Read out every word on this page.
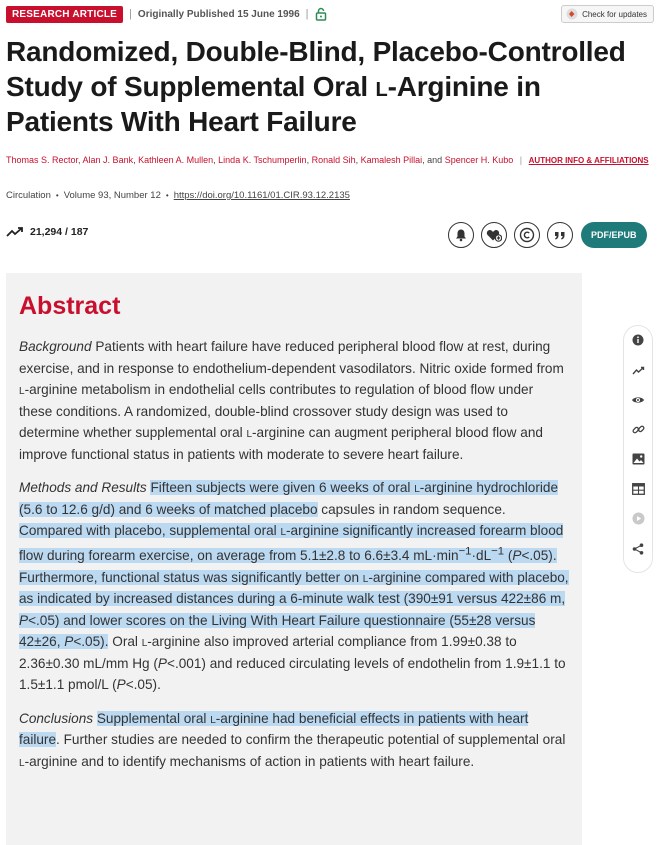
RESEARCH ARTICLE	| Originally Published 15 June 1996 |	Check for updates
Randomized, Double-Blind, Placebo-Controlled Study of Supplemental Oral l-Arginine in Patients With Heart Failure
Thomas S. Rector, Alan J. Bank, Kathleen A. Mullen, Linda K. Tschumperlin, Ronald Sih, Kamalesh Pillai, and Spencer H. Kubo | AUTHOR INFO & AFFILIATIONS
Circulation • Volume 93, Number 12 • https://doi.org/10.1161/01.CIR.93.12.2135
21,294 / 187	PDF/EPUB
Abstract

Background Patients with heart failure have reduced peripheral blood flow at rest, during exercise, and in response to endothelium-dependent vasodilators. Nitric oxide formed from l-arginine metabolism in endothelial cells contributes to regulation of blood flow under these conditions. A randomized, double-blind crossover study design was used to determine whether supplemental oral l-arginine can augment peripheral blood flow and improve functional status in patients with moderate to severe heart failure.

Methods and Results Fifteen subjects were given 6 weeks of oral l-arginine hydrochloride (5.6 to 12.6 g/d) and 6 weeks of matched placebo capsules in random sequence. Compared with placebo, supplemental oral l-arginine significantly increased forearm blood flow during forearm exercise, on average from 5.1±2.8 to 6.6±3.4 $mL\cdot\min^{-1}\cdot dL^{-1}$ (P<.05). Furthermore, functional status was significantly better on l-arginine compared with placebo, as indicated by increased distances during a 6-minute walk test (390±91 versus 422±86 m, P<.05) and lower scores on the Living With Heart Failure questionnaire (55±28 versus 42±26, P<.05). Oral l-arginine also improved arterial compliance from 1.99±0.38 to 2.36±0.30 mL/mm Hg (P<.001) and reduced circulating levels of endothelin from 1.9±1.1 to 1.5±1.1 pmol/L (P<.05).

Conclusions Supplemental oral l-arginine had beneficial effects in patients with heart failure. Further studies are needed to confirm the therapeutic potential of supplemental oral l-arginine and to identify mechanisms of action in patients with heart failure.
